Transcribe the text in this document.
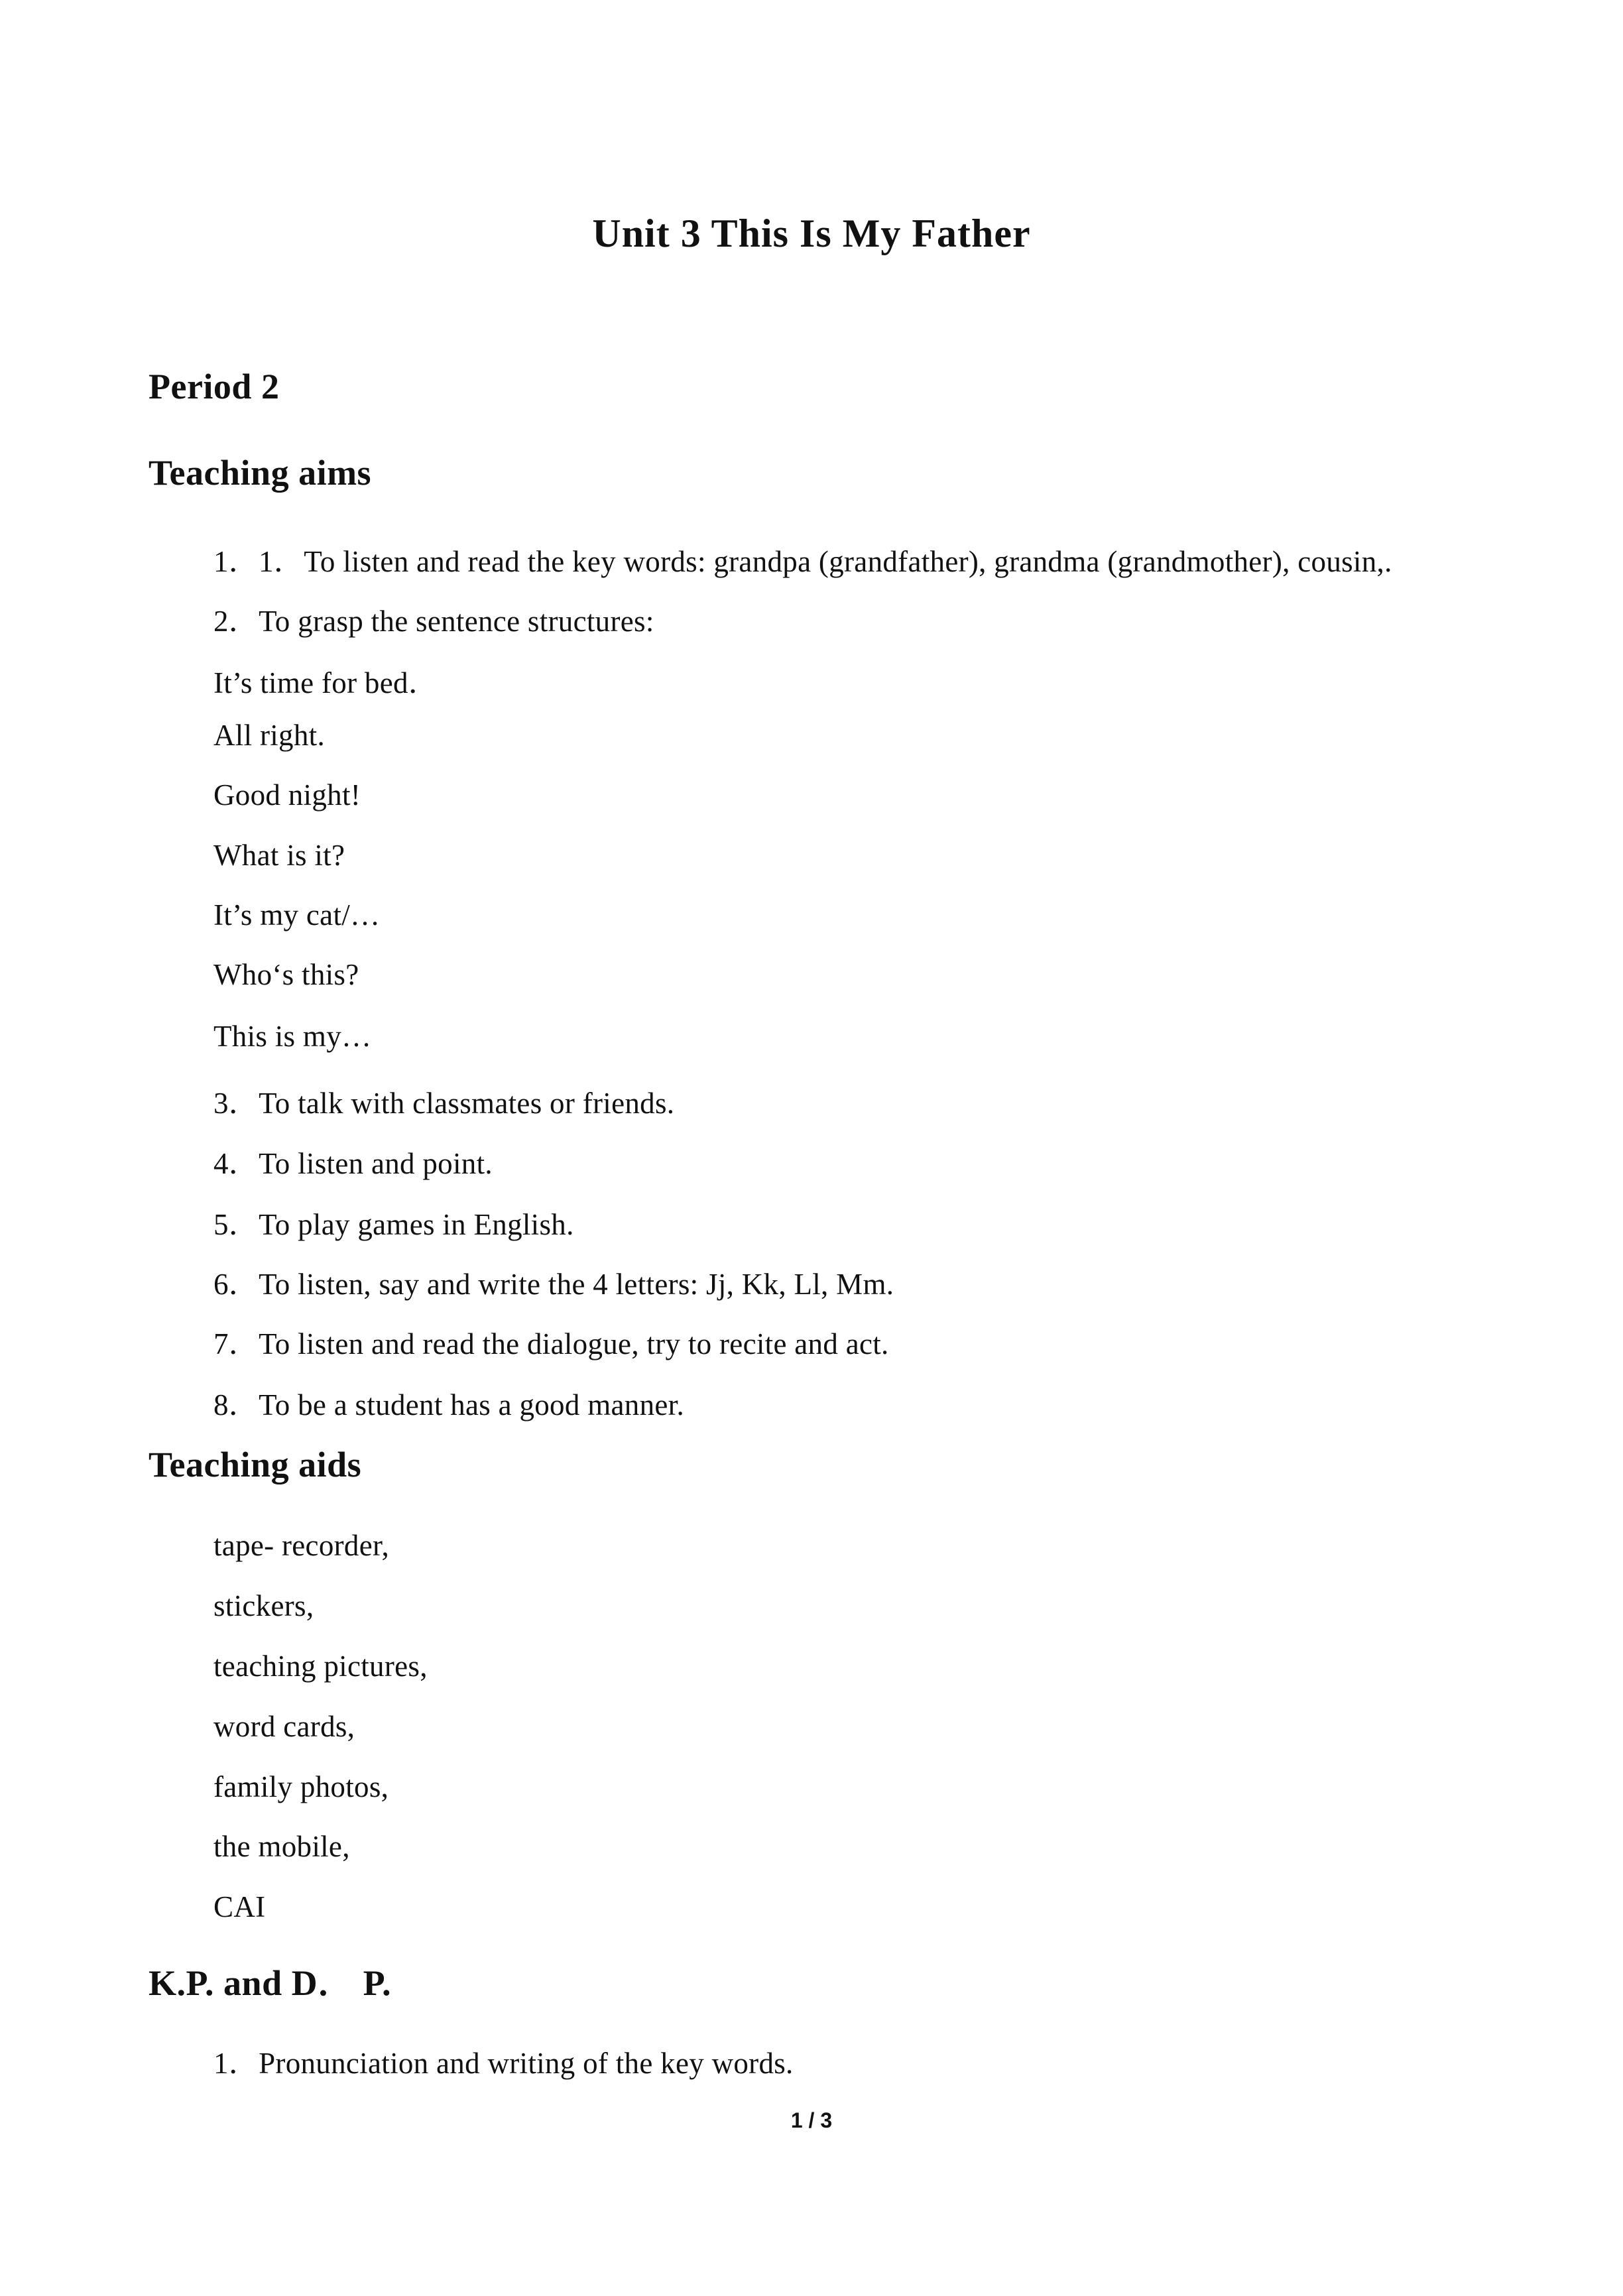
Unit 3 This Is My Father
Period 2
Teaching aims

1．1．To listen and read the key words: grandpa (grandfather), grandma (grandmother), cousin,.

2．To grasp the sentence structures:

It’s time for bed．

All right.

Good night!

What is it?

It’s my cat/…

Who‘s this?

This is my…

3．To talk with classmates or friends.

4．To listen and point.

5．To play games in English.

6．To listen, say and write the 4 letters: Jj, Kk, Ll, Mm.

7．To listen and read the dialogue, try to recite and act.

8．To be a student has a good manner.

Teaching aids

tape- recorder,

stickers,

teaching pictures,

word cards,

family photos,

the mobile,

CAI

K.P. and D． P.

1．Pronunciation and writing of the key words.

1 / 3
